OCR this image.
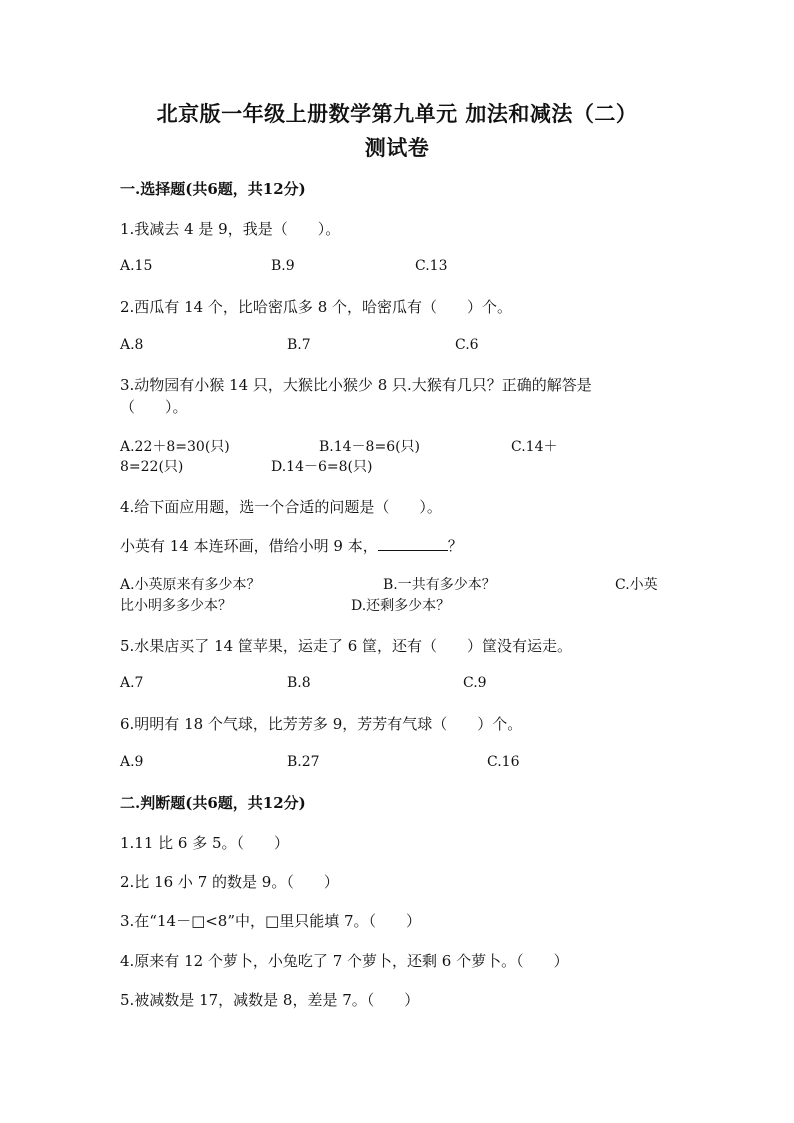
北京版一年级上册数学第九单元 加法和减法（二）
测试卷
一.选择题(共6题，共12分)
1.我减去 4 是 9，我是（　　）。
A.15	B.9	C.13
2.西瓜有 14 个，比哈密瓜多 8 个，哈密瓜有（　　）个。
A.8	B.7	C.6
3.动物园有小猴 14 只，大猴比小猴少 8 只.大猴有几只？正确的解答是
（　　）。
A.22＋8=30(只)	B.14－8=6(只)	C.14＋
8=22(只)	D.14－6=8(只)
4.给下面应用题，选一个合适的问题是（　　）。
小英有 14 本连环画，借给小明 9 本，	？
A.小英原来有多少本？	B.一共有多少本？	C.小英
比小明多多少本？	D.还剩多少本？
5.水果店买了 14 筐苹果，运走了 6 筐，还有（　　）筐没有运走。
A.7	B.8	C.9
6.明明有 18 个气球，比芳芳多 9，芳芳有气球（　　）个。
A.9	B.27	C.16
二.判断题(共6题，共12分)
1.11 比 6 多 5。（　　）
2.比 16 小 7 的数是 9。（　　）
3.在“14－□<8”中，□里只能填 7。（　　）
4.原来有 12 个萝卜，小兔吃了 7 个萝卜，还剩 6 个萝卜。（　　）
5.被减数是 17，减数是 8，差是 7。（　　）
